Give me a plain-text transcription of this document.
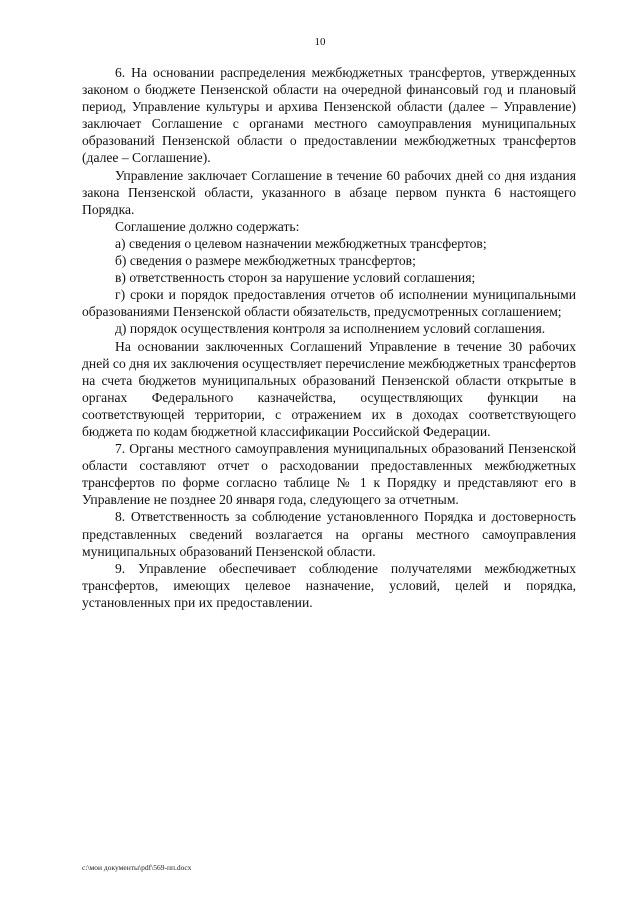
10

6. На основании распределения межбюджетных трансфертов, утвержденных законом о бюджете Пензенской области на очередной финансовый год и плановый период, Управление культуры и архива Пензенской области (далее – Управление) заключает Соглашение с органами местного самоуправления муниципальных образований Пензенской области о предоставлении межбюджетных трансфертов (далее – Соглашение).

Управление заключает Соглашение в течение 60 рабочих дней со дня издания закона Пензенской области, указанного в абзаце первом пункта 6 настоящего Порядка.

Соглашение должно содержать:

а) сведения о целевом назначении межбюджетных трансфертов;

б) сведения о размере межбюджетных трансфертов;

в) ответственность сторон за нарушение условий соглашения;

г) сроки и порядок предоставления отчетов об исполнении муниципальными образованиями Пензенской области обязательств, предусмотренных соглашением;

д) порядок осуществления контроля за исполнением условий соглашения.

На основании заключенных Соглашений Управление в течение 30 рабочих дней со дня их заключения осуществляет перечисление межбюджетных трансфертов на счета бюджетов муниципальных образований Пензенской области открытые в органах Федерального казначейства, осуществляющих функции на соответствующей территории, с отражением их в доходах соответствующего бюджета по кодам бюджетной классификации Российской Федерации.

7. Органы местного самоуправления муниципальных образований Пензенской области составляют отчет о расходовании предоставленных межбюджетных трансфертов по форме согласно таблице № 1 к Порядку и представляют его в Управление не позднее 20 января года, следующего за отчетным.

8. Ответственность за соблюдение установленного Порядка и достоверность представленных сведений возлагается на органы местного самоуправления муниципальных образований Пензенской области.

9. Управление обеспечивает соблюдение получателями межбюджетных трансфертов, имеющих целевое назначение, условий, целей и порядка, установленных при их предоставлении.

c:\мои документы\pdf\569-пп.docx
